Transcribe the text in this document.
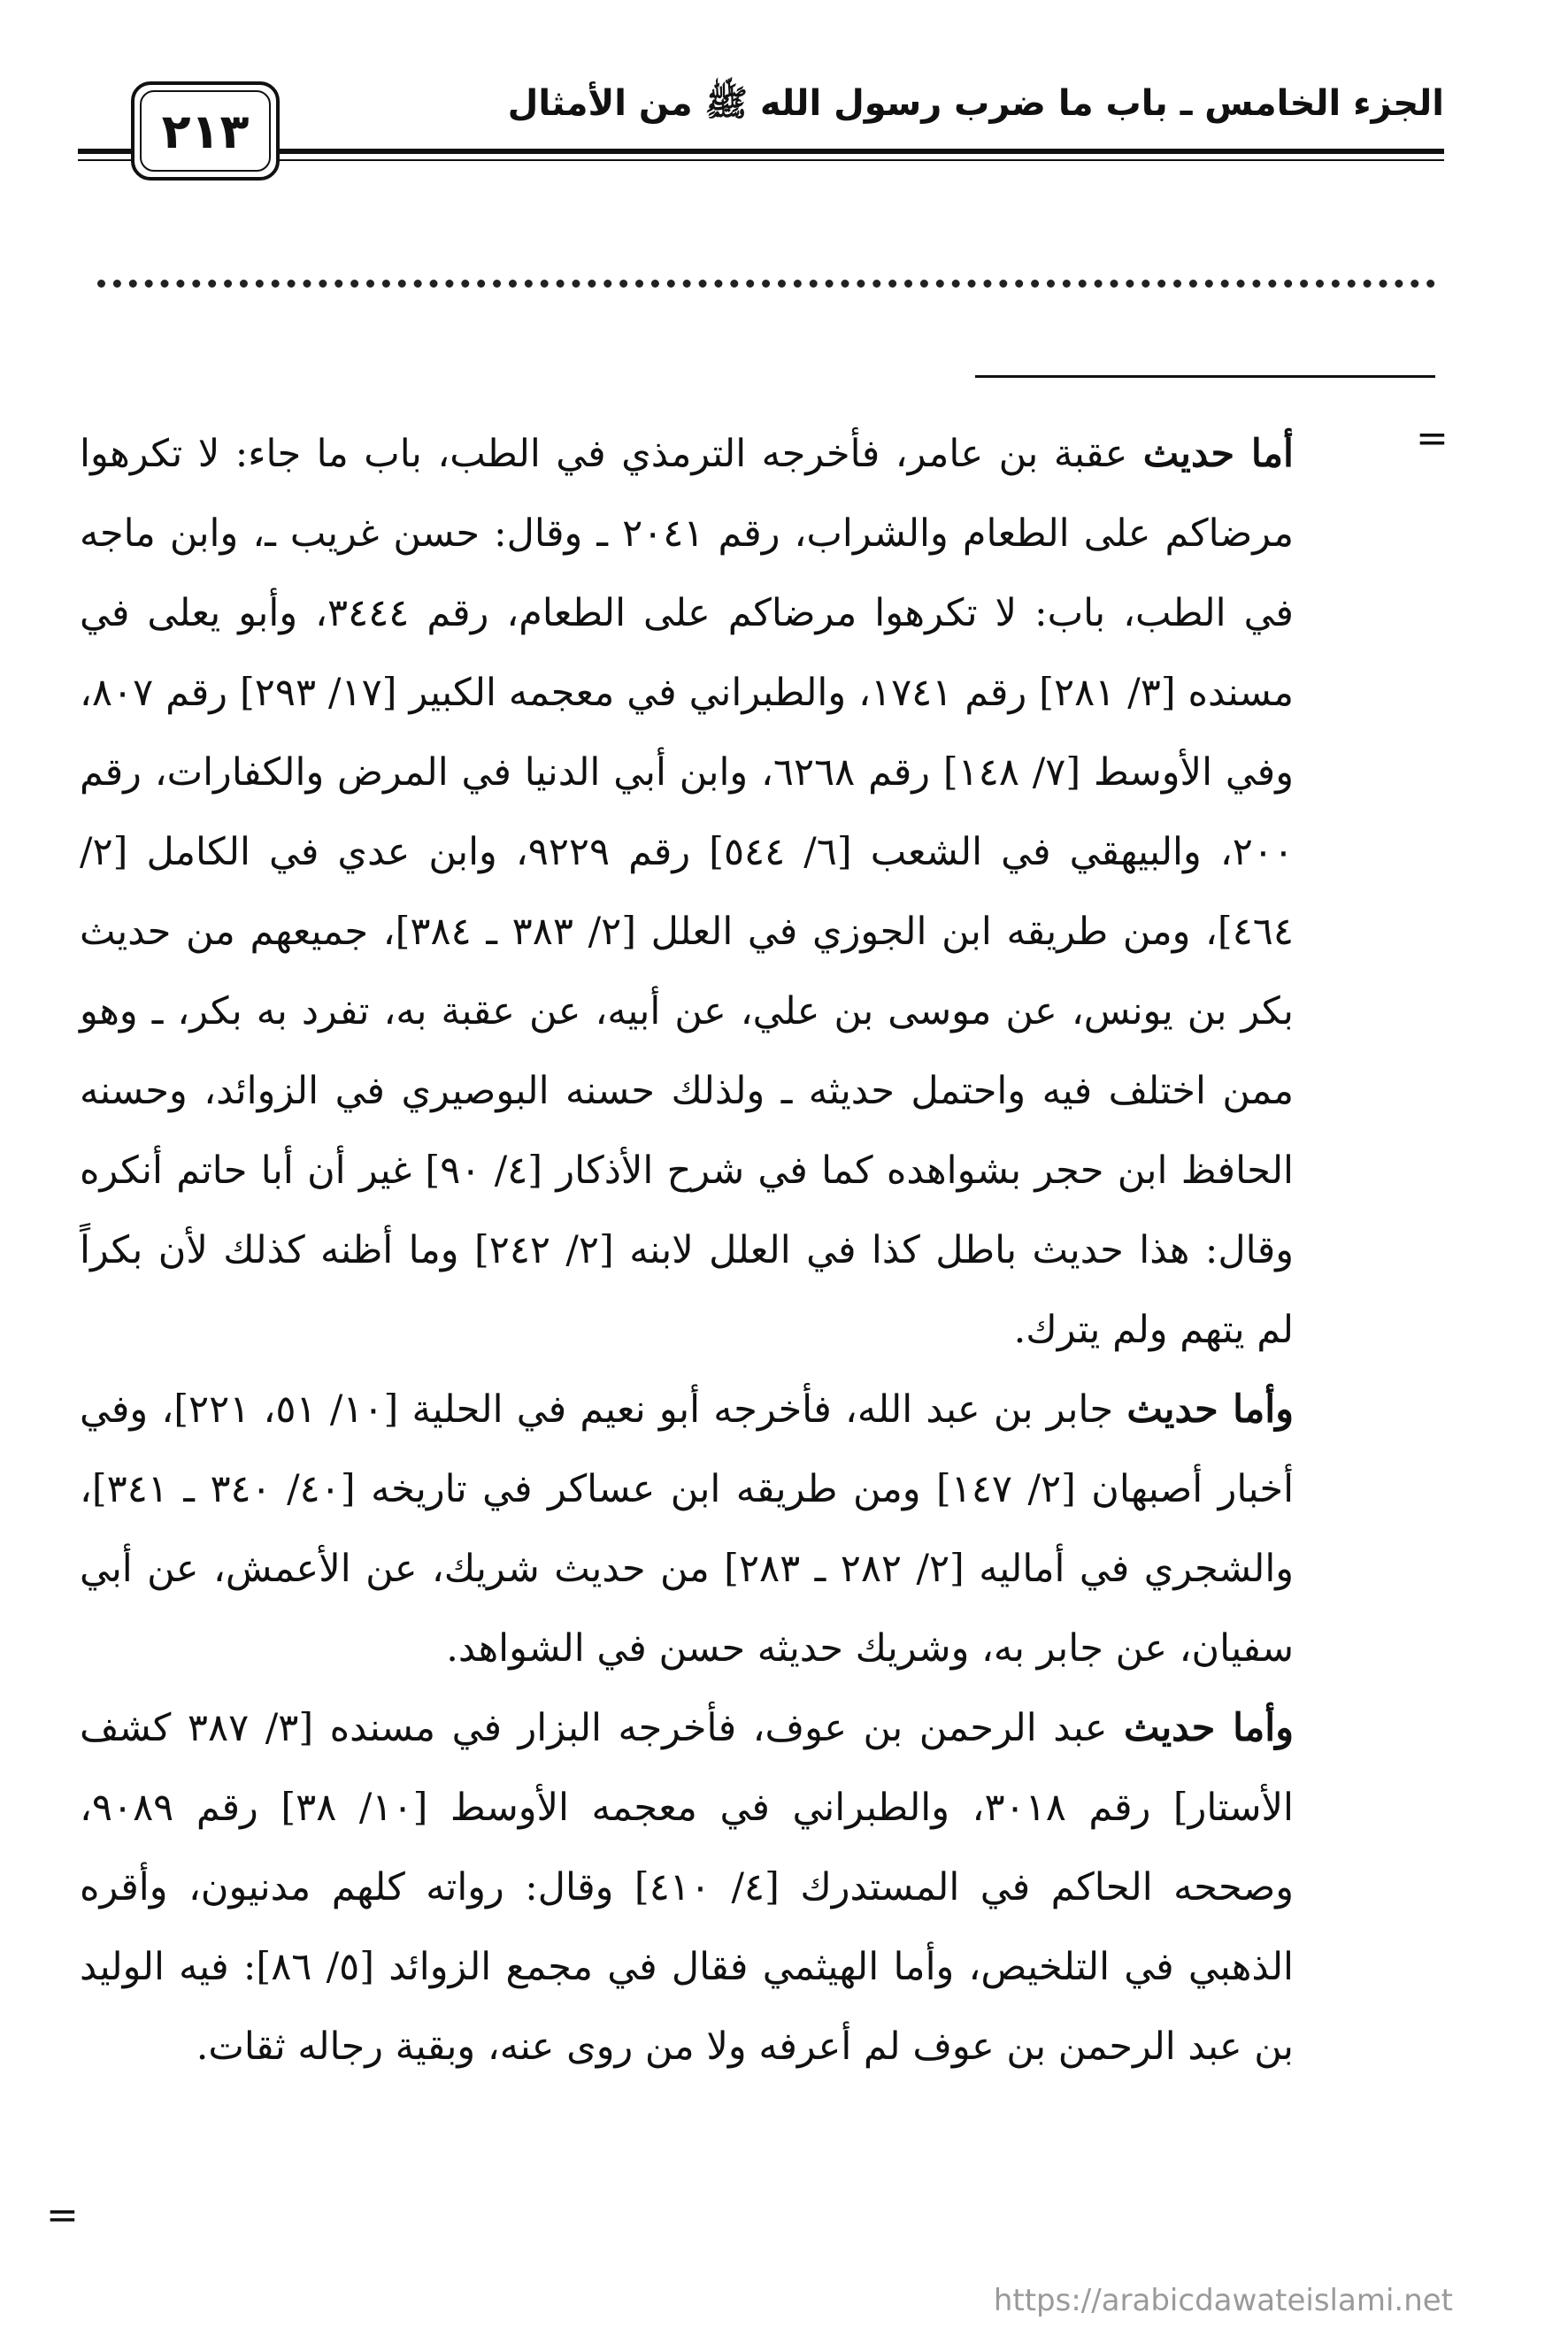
الجزء الخامس ـ باب ما ضرب رسول الله ﷺ من الأمثال
٢١٣
=

أما حديث عقبة بن عامر، فأخرجه الترمذي في الطب، باب ما جاء: لا تكرهوا مرضاكم على الطعام والشراب، رقم ٢٠٤١ ـ وقال: حسن غريب ـ، وابن ماجه في الطب، باب: لا تكرهوا مرضاكم على الطعام، رقم ٣٤٤٤، وأبو يعلى في مسنده [٣/ ٢٨١] رقم ١٧٤١، والطبراني في معجمه الكبير [١٧/ ٢٩٣] رقم ٨٠٧، وفي الأوسط [٧/ ١٤٨] رقم ٦٢٦٨، وابن أبي الدنيا في المرض والكفارات، رقم ٢٠٠، والبيهقي في الشعب [٦/ ٥٤٤] رقم ٩٢٢٩، وابن عدي في الكامل [٢/ ٤٦٤]، ومن طريقه ابن الجوزي في العلل [٢/ ٣٨٣ ـ ٣٨٤]، جميعهم من حديث بكر بن يونس، عن موسى بن علي، عن أبيه، عن عقبة به، تفرد به بكر، ـ وهو ممن اختلف فيه واحتمل حديثه ـ ولذلك حسنه البوصيري في الزوائد، وحسنه الحافظ ابن حجر بشواهده كما في شرح الأذكار [٤/ ٩٠] غير أن أبا حاتم أنكره وقال: هذا حديث باطل كذا في العلل لابنه [٢/ ٢٤٢] وما أظنه كذلك لأن بكراً لم يتهم ولم يترك.

وأما حديث جابر بن عبد الله، فأخرجه أبو نعيم في الحلية [١٠/ ٥١، ٢٢١]، وفي أخبار أصبهان [٢/ ١٤٧] ومن طريقه ابن عساكر في تاريخه [٤٠/ ٣٤٠ ـ ٣٤١]، والشجري في أماليه [٢/ ٢٨٢ ـ ٢٨٣] من حديث شريك، عن الأعمش، عن أبي سفيان، عن جابر به، وشريك حديثه حسن في الشواهد.

وأما حديث عبد الرحمن بن عوف، فأخرجه البزار في مسنده [٣/ ٣٨٧ كشف الأستار] رقم ٣٠١٨، والطبراني في معجمه الأوسط [١٠/ ٣٨] رقم ٩٠٨٩، وصححه الحاكم في المستدرك [٤/ ٤١٠] وقال: رواته كلهم مدنيون، وأقره الذهبي في التلخيص، وأما الهيثمي فقال في مجمع الزوائد [٥/ ٨٦]: فيه الوليد بن عبد الرحمن بن عوف لم أعرفه ولا من روى عنه، وبقية رجاله ثقات.

=
https://arabicdawateislami.net
